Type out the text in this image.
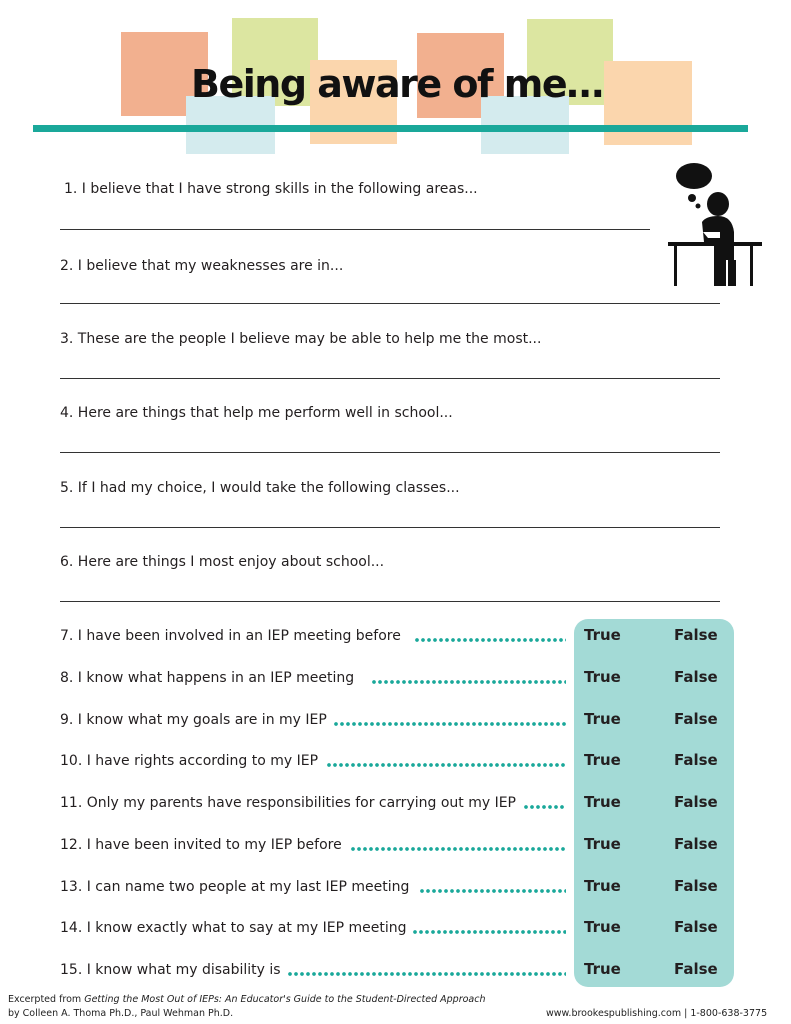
Being aware of me…
1. I believe that I have strong skills in the following areas...
2. I believe that my weaknesses are in...
3. These are the people I believe may be able to help me the most...
4. Here are things that help me perform well in school...
5. If I had my choice, I would take the following classes...
6. Here are things I most enjoy about school...
7. I have been involved in an IEP meeting before	True	False
8. I know what happens in an IEP meeting	True	False
9. I know what my goals are in my IEP	True	False
10. I have rights according to my IEP	True	False
11. Only my parents have responsibilities for carrying out my IEP	True	False
12. I have been invited to my IEP before	True	False
13. I can name two people at my last IEP meeting	True	False
14. I know exactly what to say at my IEP meeting	True	False
15. I know what my disability is	True	False
Excerpted from Getting the Most Out of IEPs: An Educator's Guide to the Student-Directed Approach
by Colleen A. Thoma Ph.D., Paul Wehman Ph.D.	www.brookespublishing.com | 1-800-638-3775
